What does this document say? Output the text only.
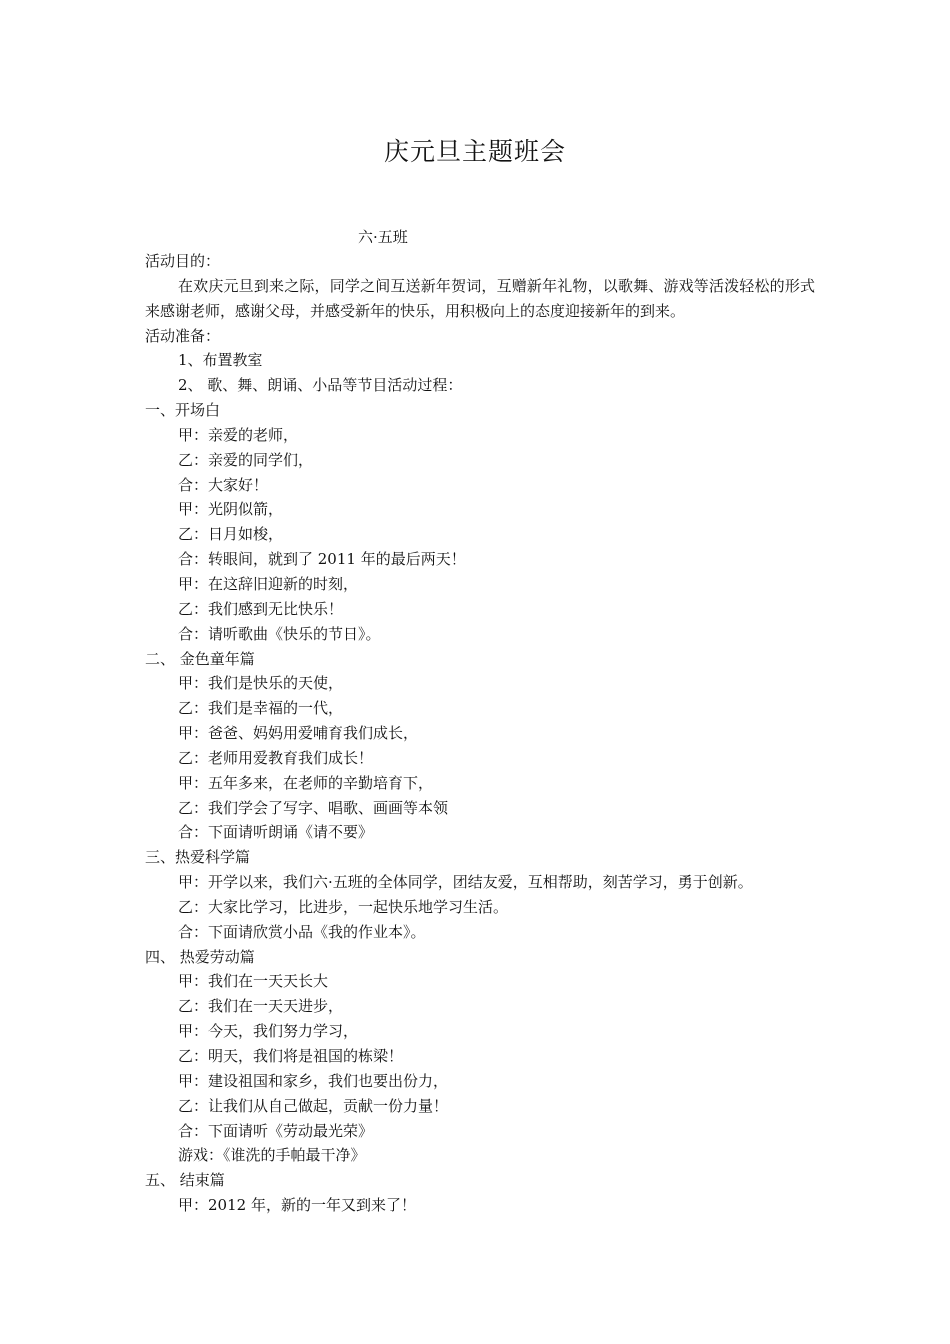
庆元旦主题班会
六·五班
活动目的：
在欢庆元旦到来之际，同学之间互送新年贺词，互赠新年礼物，以歌舞、游戏等活泼轻松的形式来感谢老师，感谢父母，并感受新年的快乐，用积极向上的态度迎接新年的到来。
活动准备：
1、布置教室
2、 歌、舞、朗诵、小品等节目活动过程：
一、开场白
甲：亲爱的老师，
乙：亲爱的同学们，
合：大家好！
甲：光阴似箭，
乙：日月如梭，
合：转眼间，就到了 2011 年的最后两天！
甲：在这辞旧迎新的时刻，
乙：我们感到无比快乐！
合：请听歌曲《快乐的节日》。
二、 金色童年篇
甲：我们是快乐的天使，
乙：我们是幸福的一代，
甲：爸爸、妈妈用爱哺育我们成长，
乙：老师用爱教育我们成长！
甲：五年多来，在老师的辛勤培育下，
乙：我们学会了写字、唱歌、画画等本领
合：下面请听朗诵《请不要》
三、热爱科学篇
甲：开学以来，我们六·五班的全体同学，团结友爱，互相帮助，刻苦学习，勇于创新。
乙：大家比学习，比进步，一起快乐地学习生活。
合：下面请欣赏小品《我的作业本》。
四、 热爱劳动篇
甲：我们在一天天长大
乙：我们在一天天进步，
甲：今天，我们努力学习，
乙：明天，我们将是祖国的栋梁！
甲：建设祖国和家乡，我们也要出份力，
乙：让我们从自己做起，贡献一份力量！
合：下面请听《劳动最光荣》
游戏：《谁洗的手帕最干净》
五、 结束篇
甲：2012 年，新的一年又到来了！
